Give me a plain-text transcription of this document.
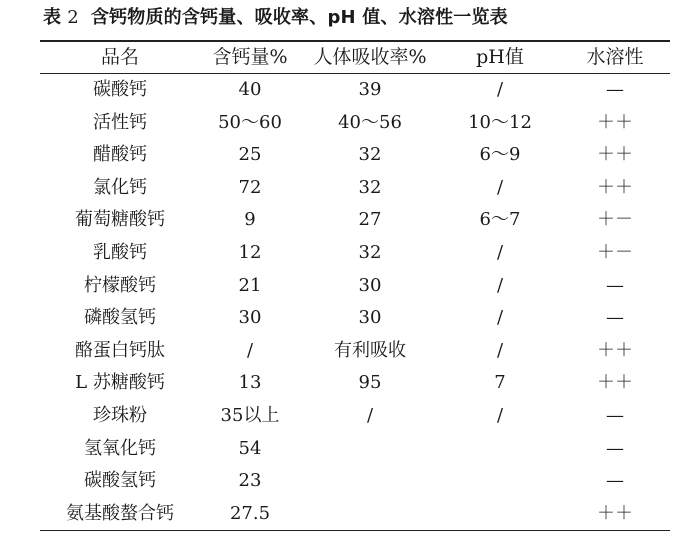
表 2 含钙物质的含钙量、吸收率、pH 值、水溶性一览表
品名	含钙量%	人体吸收率%	pH值	水溶性
碳酸钙	40	39	/	—
活性钙	50～60	40～56	10～12	＋＋
醋酸钙	25	32	6～9	＋＋
氯化钙	72	32	/	＋＋
葡萄糖酸钙	9	27	6～7	＋－
乳酸钙	12	32	/	＋－
柠檬酸钙	21	30	/	—
磷酸氢钙	30	30	/	—
酪蛋白钙肽	/	有利吸收	/	＋＋
L 苏糖酸钙	13	95	7	＋＋
珍珠粉	35以上	/	/	—
氢氧化钙	54			—
碳酸氢钙	23			—
氨基酸螯合钙	27.5			＋＋
